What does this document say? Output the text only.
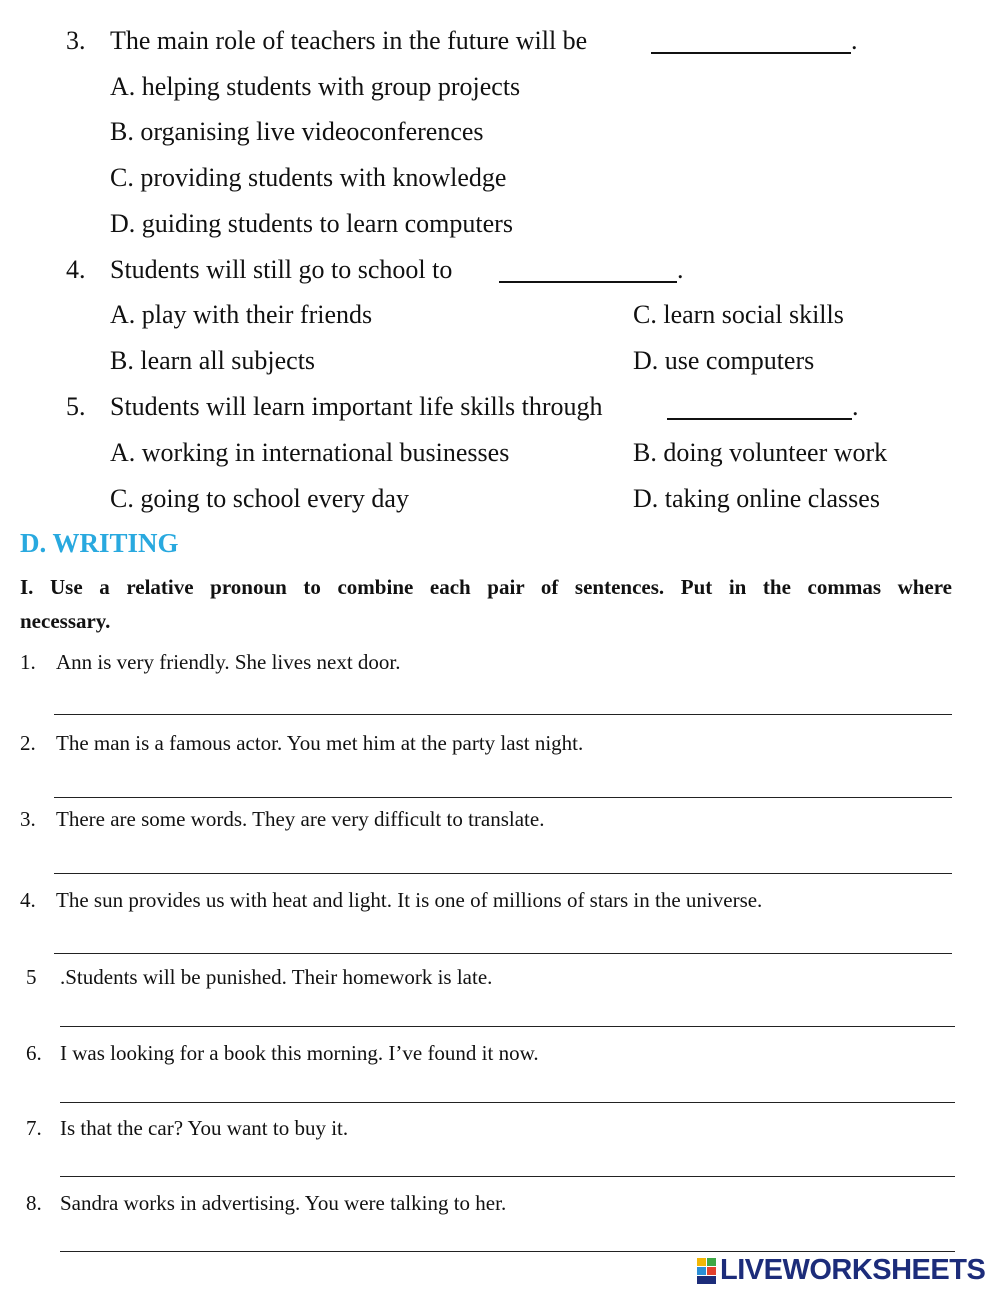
3. The main role of teachers in the future will be	.
A. helping students with group projects
B. organising live videoconferences
C. providing students with knowledge
D. guiding students to learn computers
4. Students will still go to school to	.
A. play with their friends	C. learn social skills
B. learn all subjects	D. use computers
5. Students will learn important life skills through	.
A. working in international businesses	B. doing volunteer work
C. going to school every day	D. taking online classes
D. WRITING
I. Use a relative pronoun to combine each pair of sentences. Put in the commas where
necessary.
1. Ann is very friendly. She lives next door.
2. The man is a famous actor. You met him at the party last night.
3. There are some words. They are very difficult to translate.
4. The sun provides us with heat and light. It is one of millions of stars in the universe.
5 .Students will be punished. Their homework is late.
6. I was looking for a book this morning. I’ve found it now.
7. Is that the car? You want to buy it.
8. Sandra works in advertising. You were talking to her.
LIVEWORKSHEETS
